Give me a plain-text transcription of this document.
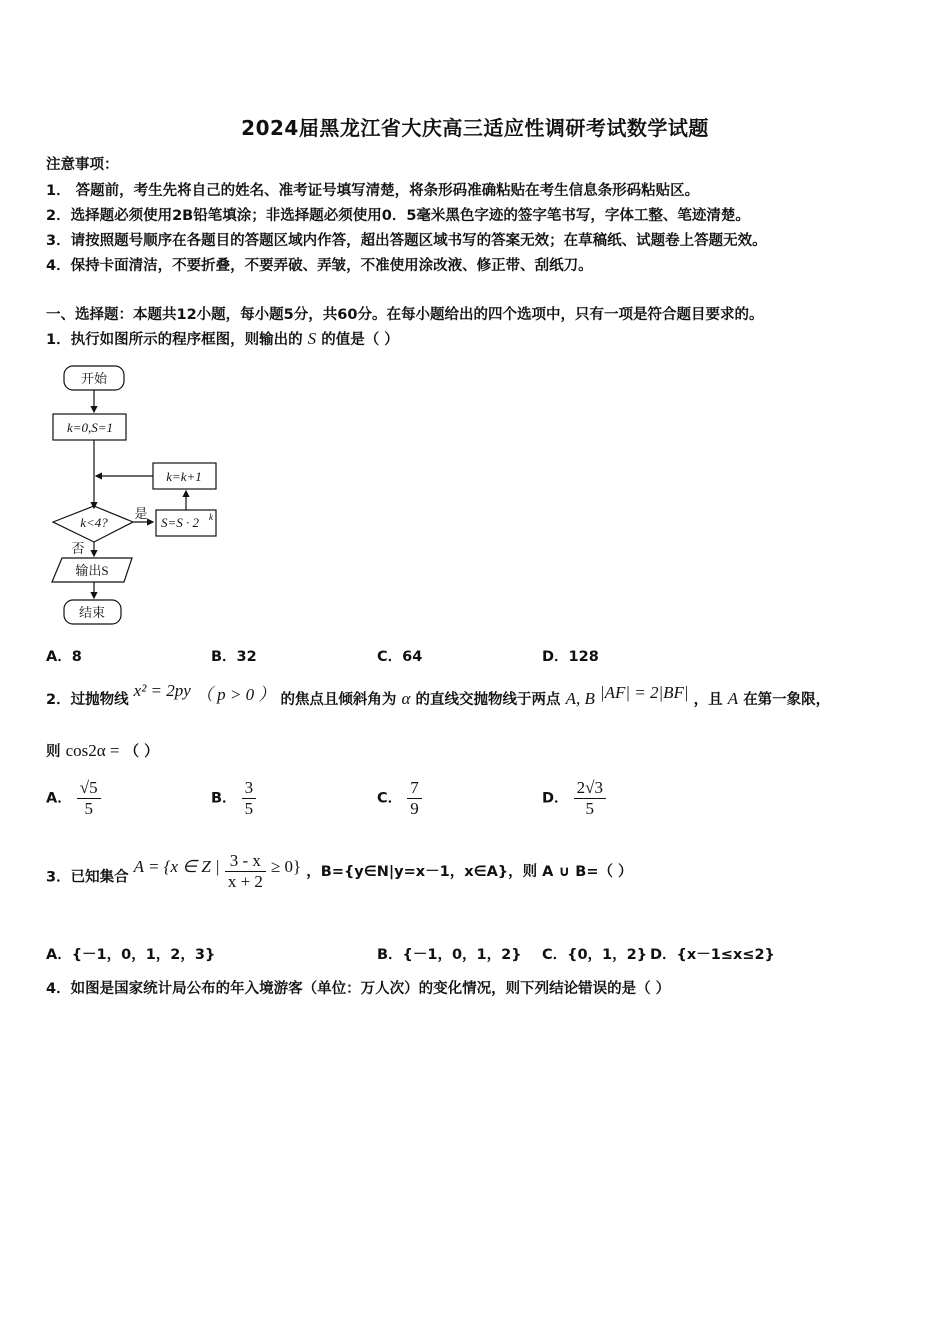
2024届黑龙江省大庆高三适应性调研考试数学试题
注意事项：
1． 答题前，考生先将自己的姓名、准考证号填写清楚，将条形码准确粘贴在考生信息条形码粘贴区。
2．选择题必须使用2B铅笔填涂；非选择题必须使用0．5毫米黑色字迹的签字笔书写，字体工整、笔迹清楚。
3．请按照题号顺序在各题目的答题区域内作答，超出答题区域书写的答案无效；在草稿纸、试题卷上答题无效。
4．保持卡面清洁，不要折叠，不要弄破、弄皱，不准使用涂改液、修正带、刮纸刀。
一、选择题：本题共12小题，每小题5分，共60分。在每小题给出的四个选项中，只有一项是符合题目要求的。
1．执行如图所示的程序框图，则输出的 S 的值是（ ）
开始
k=0,S=1
k=k+1
k<4?
是
S=S · 2 k
否
输出S
结束
A．8	B．32	C．64	D．128
2．过抛物线 x² = 2py （ p > 0 ） 的焦点且倾斜角为 α 的直线交抛物线于两点 A, B |AF| = 2|BF| ，且 A 在第一象限，
则 cos2α = （ ）
A． $\frac{√5}{5}$	B． $\frac{3}{5}$	C． $\frac{7}{9}$	D． $\frac{2√3}{5}$
3．已知集合 A = {x ∈ Z | $\frac{3 - x}{x + 2} \ge 0$} ，B={y∈N|y=x－1，x∈A}，则 A ∪ B=（ ）
A．{－1，0，1，2，3}	B．{－1，0，1，2} C．{0，1，2} D．{x－1≤x≤2}
4．如图是国家统计局公布的年入境游客（单位：万人次）的变化情况，则下列结论错误的是（ ）
